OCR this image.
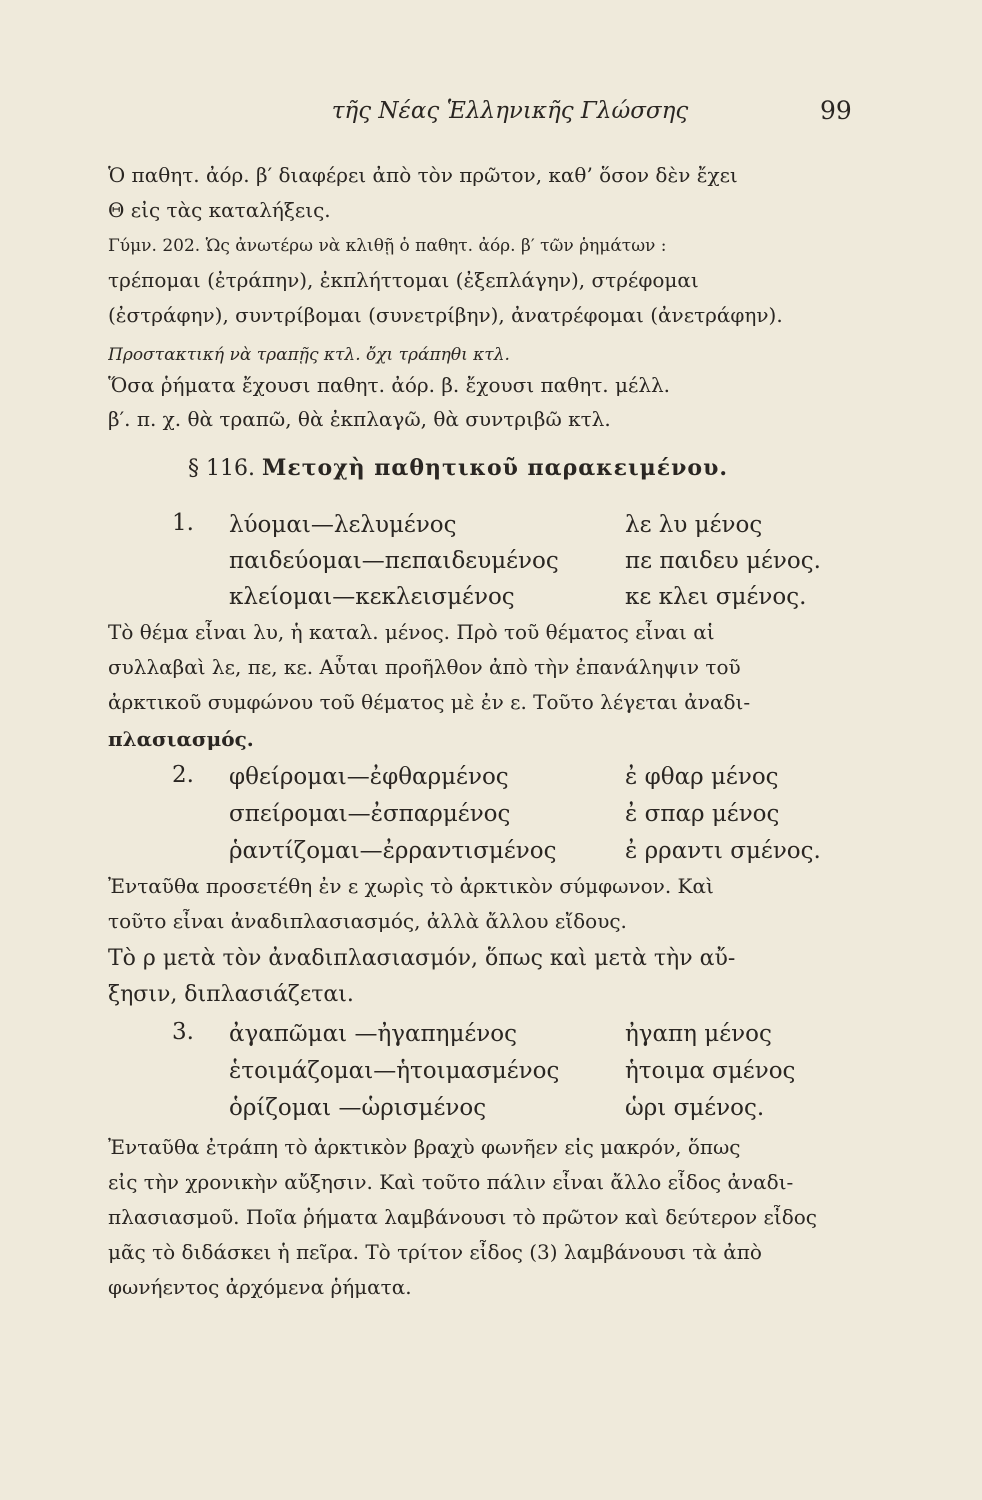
τῆς Νέας Ἑλληνικῆς Γλώσσης	99
Ὁ παθητ. ἀόρ. β′ διαφέρει ἀπὸ τὸν πρῶτον, καθ’ ὅσον δὲν ἔχει
Θ εἰς τὰς καταλήξεις.
Γύμν. 202. Ὡς ἀνωτέρω νὰ κλιθῇ ὁ παθητ. ἀόρ. β′ τῶν ῥημάτων :
τρέπομαι (ἐτράπην), ἐκπλήττομαι (ἐξεπλάγην), στρέφομαι
(ἐστράφην), συντρίβομαι (συνετρίβην), ἀνατρέφομαι (ἀνετράφην).
Προστακτική νὰ τραπῇς κτλ. ὄχι τράπηθι κτλ.
Ὅσα ῥήματα ἔχουσι παθητ. ἀόρ. β. ἔχουσι παθητ. μέλλ.
β′. π. χ. θὰ τραπῶ, θὰ ἐκπλαγῶ, θὰ συντριβῶ κτλ.
§ 116. Μετοχὴ παθητικοῦ παρακειμένου.
1. λύομαι—λελυμένος	λε λυ μένος
παιδεύομαι—πεπαιδευμένος	πε παιδευ μένος.
κλείομαι—κεκλεισμένος	κε κλει σμένος.
Τὸ θέμα εἶναι λυ, ἡ καταλ. μένος. Πρὸ τοῦ θέματος εἶναι αἱ
συλλαβαὶ λε, πε, κε. Αὗται προῆλθον ἀπὸ τὴν ἐπανάληψιν τοῦ
ἀρκτικοῦ συμφώνου τοῦ θέματος μὲ ἐν ε. Τοῦτο λέγεται ἀναδι-
πλασιασμός.
2. φθείρομαι—ἐφθαρμένος	ἐ φθαρ μένος
σπείρομαι—ἐσπαρμένος	ἐ σπαρ μένος
ῥαντίζομαι—ἐρραντισμένος	ἐ ρραντι σμένος.
Ἐνταῦθα προσετέθη ἐν ε χωρὶς τὸ ἀρκτικὸν σύμφωνον. Καὶ
τοῦτο εἶναι ἀναδιπλασιασμός, ἀλλὰ ἄλλου εἴδους.
Τὸ ρ μετὰ τὸν ἀναδιπλασιασμόν, ὅπως καὶ μετὰ τὴν αὔ-
ξησιν, διπλασιάζεται.
3. ἀγαπῶμαι —ἠγαπημένος	ἠγαπη μένος
ἑτοιμάζομαι—ἡτοιμασμένος	ἡτοιμα σμένος
ὁρίζομαι —ὡρισμένος	ὡρι σμένος.
Ἐνταῦθα ἐτράπη τὸ ἀρκτικὸν βραχὺ φωνῆεν εἰς μακρόν, ὅπως
εἰς τὴν χρονικὴν αὔξησιν. Καὶ τοῦτο πάλιν εἶναι ἄλλο εἶδος ἀναδι-
πλασιασμοῦ. Ποῖα ῥήματα λαμβάνουσι τὸ πρῶτον καὶ δεύτερον εἶδος
μᾶς τὸ διδάσκει ἡ πεῖρα. Τὸ τρίτον εἶδος (3) λαμβάνουσι τὰ ἀπὸ
φωνήεντος ἀρχόμενα ῥήματα.
